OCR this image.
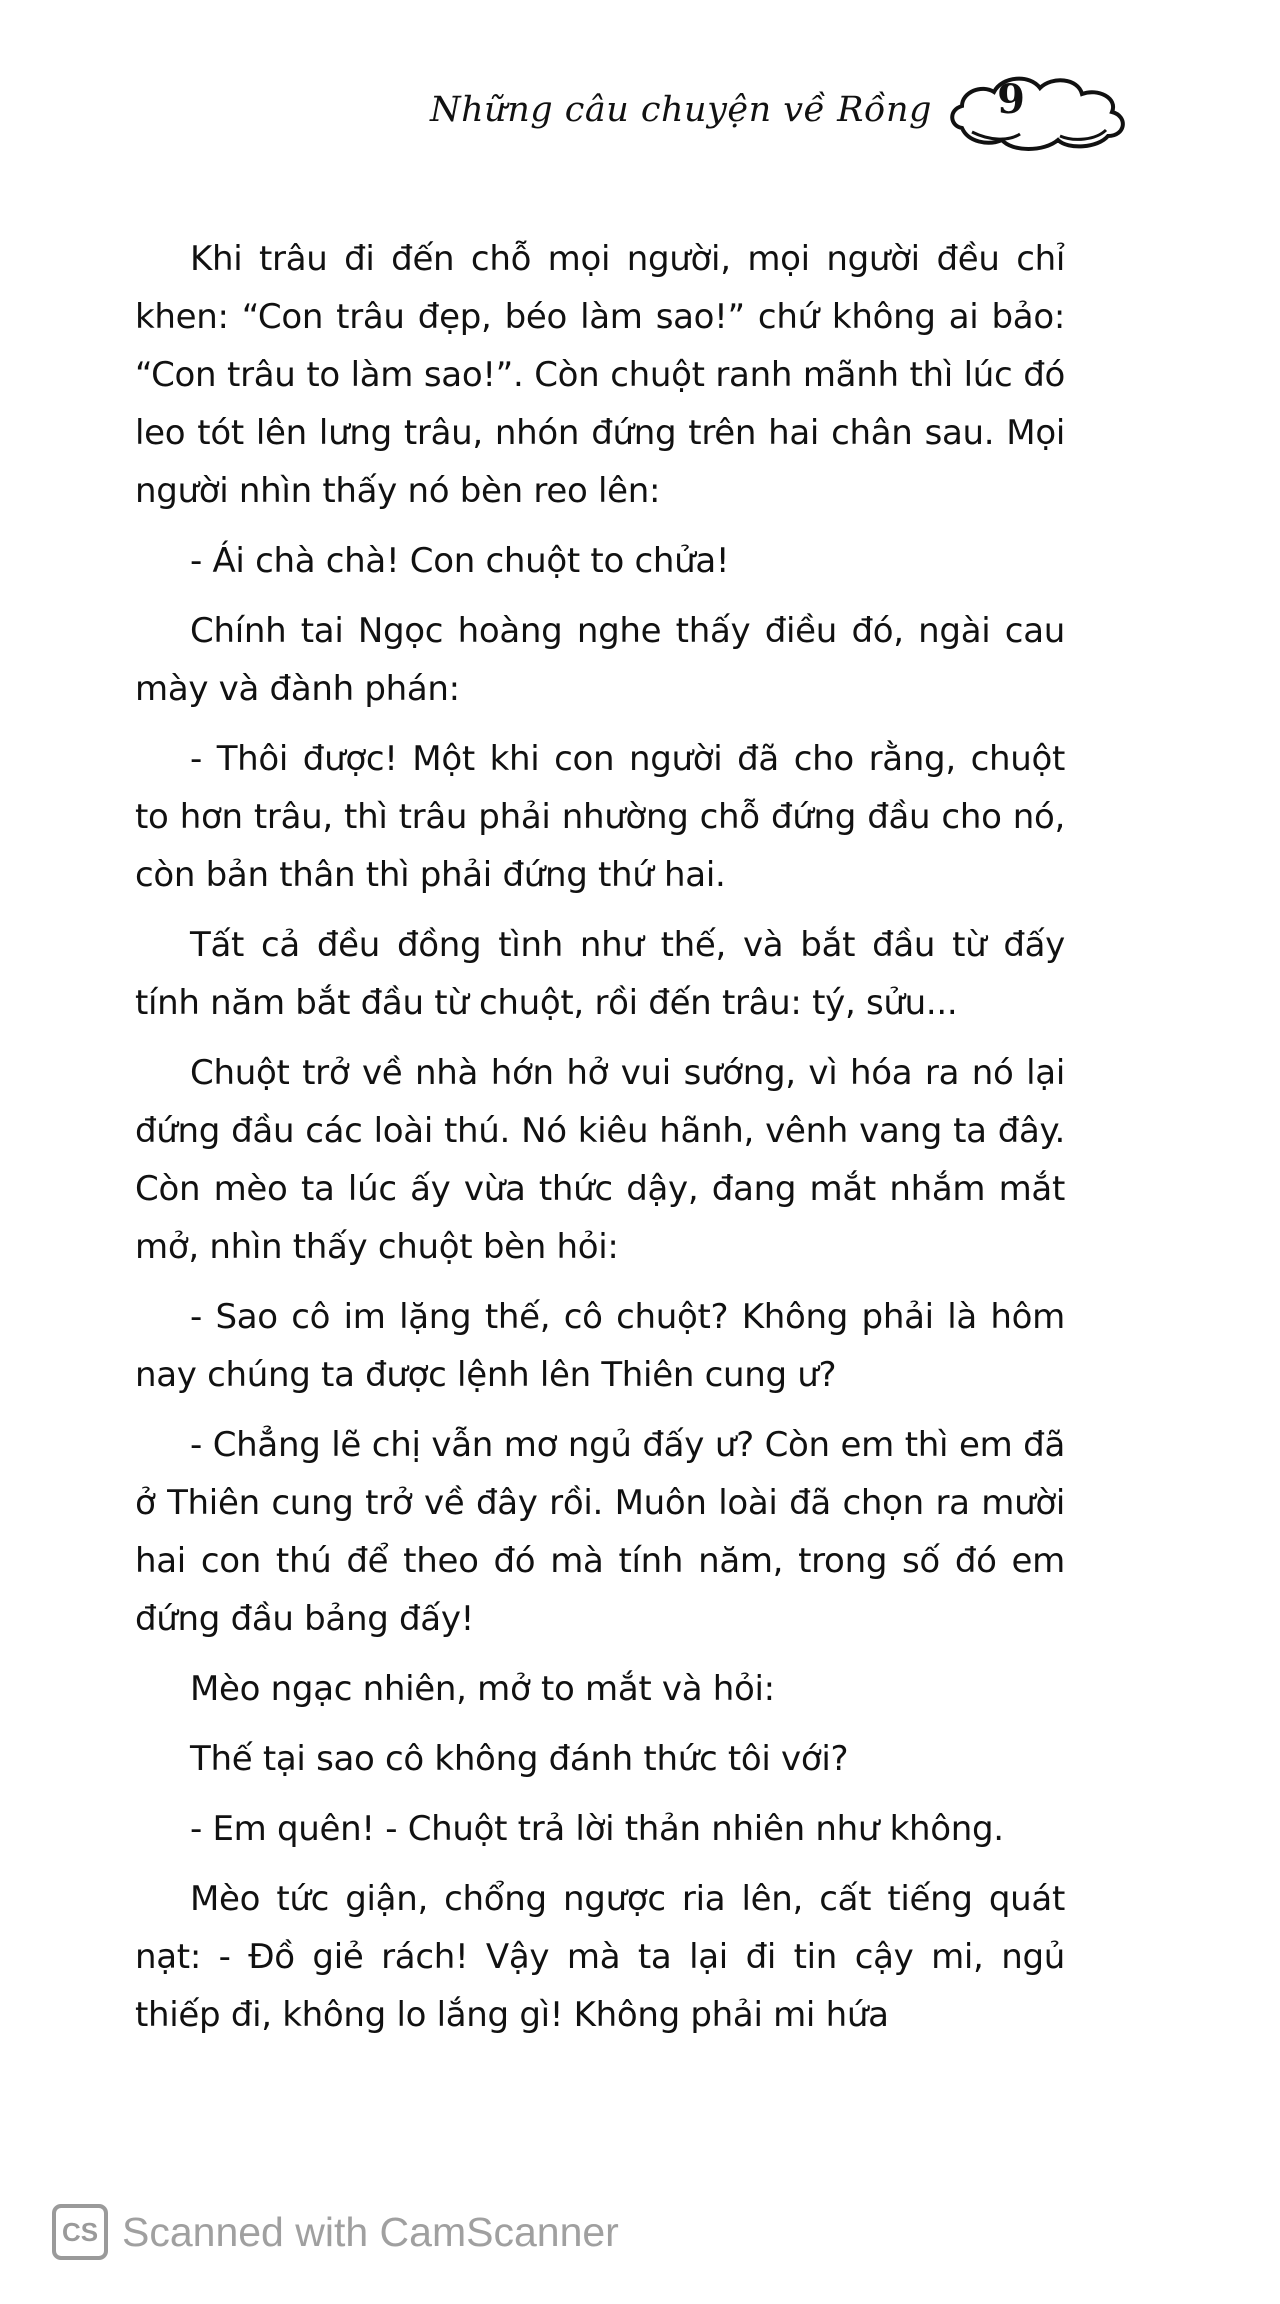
Những câu chuyện về Rồng	9

Khi trâu đi đến chỗ mọi người, mọi người đều chỉ khen: “Con trâu đẹp, béo làm sao!” chứ không ai bảo: “Con trâu to làm sao!”. Còn chuột ranh mãnh thì lúc đó leo tót lên lưng trâu, nhón đứng trên hai chân sau. Mọi người nhìn thấy nó bèn reo lên:

- Ái chà chà! Con chuột to chửa!

Chính tai Ngọc hoàng nghe thấy điều đó, ngài cau mày và đành phán:

- Thôi được! Một khi con người đã cho rằng, chuột to hơn trâu, thì trâu phải nhường chỗ đứng đầu cho nó, còn bản thân thì phải đứng thứ hai.

Tất cả đều đồng tình như thế, và bắt đầu từ đấy tính năm bắt đầu từ chuột, rồi đến trâu: tý, sửu...

Chuột trở về nhà hớn hở vui sướng, vì hóa ra nó lại đứng đầu các loài thú. Nó kiêu hãnh, vênh vang ta đây. Còn mèo ta lúc ấy vừa thức dậy, đang mắt nhắm mắt mở, nhìn thấy chuột bèn hỏi:

- Sao cô im lặng thế, cô chuột? Không phải là hôm nay chúng ta được lệnh lên Thiên cung ư?

- Chẳng lẽ chị vẫn mơ ngủ đấy ư? Còn em thì em đã ở Thiên cung trở về đây rồi. Muôn loài đã chọn ra mười hai con thú để theo đó mà tính năm, trong số đó em đứng đầu bảng đấy!

Mèo ngạc nhiên, mở to mắt và hỏi:

Thế tại sao cô không đánh thức tôi với?

- Em quên! - Chuột trả lời thản nhiên như không.

Mèo tức giận, chổng ngược ria lên, cất tiếng quát nạt: - Đồ giẻ rách! Vậy mà ta lại đi tin cậy mi, ngủ thiếp đi, không lo lắng gì! Không phải mi hứa

CS Scanned with CamScanner
